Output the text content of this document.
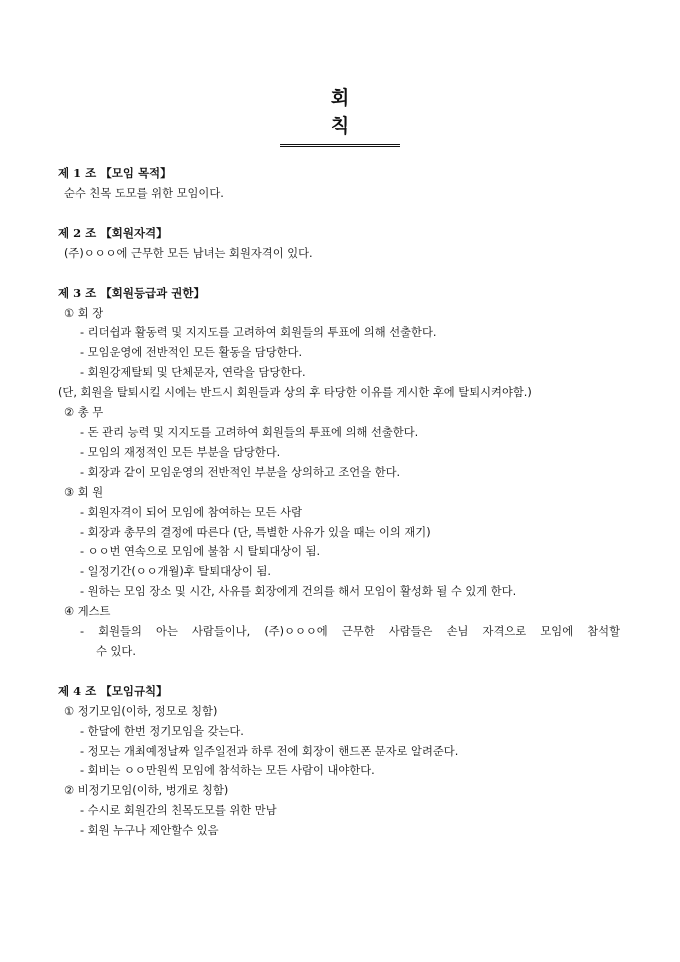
회 칙
제 1 조 【모임 목적】
순수 친목 도모를 위한 모임이다.
제 2 조 【회원자격】
(주)ㅇㅇㅇ에 근무한 모든 남녀는 회원자격이 있다.
제 3 조 【회원등급과 권한】
① 회 장
- 리더쉽과 활동력 및 지지도를 고려하여 회원들의 투표에 의해 선출한다.
- 모임운영에 전반적인 모든 활동을 담당한다.
- 회원강제탈퇴 및 단체문자, 연락을 담당한다.
(단, 회원을 탈퇴시킬 시에는 반드시 회원들과 상의 후 타당한 이유를 게시한 후에 탈퇴시켜야함.)
② 총 무
- 돈 관리 능력 및 지지도를 고려하여 회원들의 투표에 의해 선출한다.
- 모임의 재정적인 모든 부분을 담당한다.
- 회장과 같이 모임운영의 전반적인 부분을 상의하고 조언을 한다.
③ 회 원
- 회원자격이 되어 모임에 참여하는 모든 사람
- 회장과 총무의 결정에 따른다 (단, 특별한 사유가 있을 때는 이의 재기)
- ㅇㅇ번 연속으로 모임에 불참 시 탈퇴대상이 됨.
- 일정기간(ㅇㅇ개월)후 탈퇴대상이 됨.
- 원하는 모임 장소 및 시간, 사유를 회장에게 건의를 해서 모임이 활성화 될 수 있게 한다.
④ 게스트
- 회원들의 아는 사람들이나, (주)ㅇㅇㅇ에 근무한 사람들은 손님 자격으로 모임에 참석할
수 있다.
제 4 조 【모임규칙】
① 정기모임(이하, 정모로 칭함)
- 한달에 한번 정기모임을 갖는다.
- 정모는 개최예정날짜 일주일전과 하루 전에 회장이 핸드폰 문자로 알려준다.
- 회비는 ㅇㅇ만원씩 모임에 참석하는 모든 사람이 내야한다.
② 비정기모임(이하, 벙개로 칭함)
- 수시로 회원간의 친목도모를 위한 만남
- 회원 누구나 제안할수 있음
